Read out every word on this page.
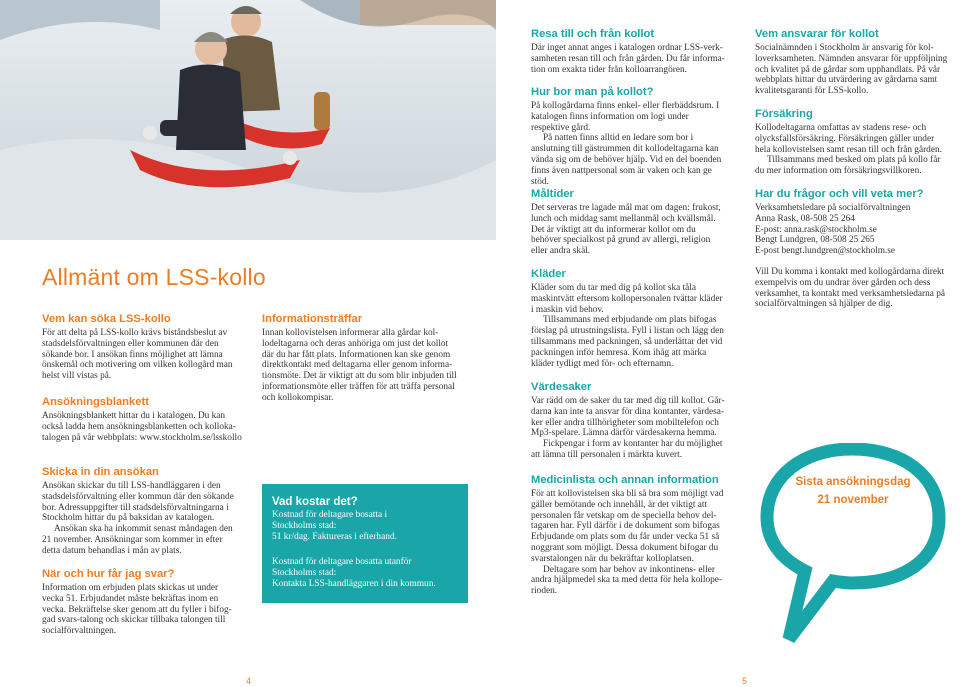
Allmänt om LSS-kollo
Vem kan söka LSS-kollo

För att delta på LSS-kollo krävs biståndsbeslut av stadsdelsförvaltningen eller kommunen där den sökande bor. I ansökan finns möjlighet att lämna önskemål och motivering om vilken kollogård man helst vill vistas på.

Ansökningsblankett

Ansökningsblankett hittar du i katalogen. Du kan också ladda hem ansökningsblanketten och kollokatalogen på vår webbplats: www.stockholm.se/lsskollo

Skicka in din ansökan

Ansökan skickar du till LSS-handläggaren i den stadsdelsförvaltning eller kommun där den sökande bor. Adressuppgifter till stadsdelsförvaltningarna i Stockholm hittar du på baksidan av katalogen.

Ansökan ska ha inkommit senast måndagen den 21 november. Ansökningar som kommer in efter detta datum behandlas i mån av plats.

När och hur får jag svar?

Information om erbjuden plats skickas ut under vecka 51. Erbjudandet måste bekräftas inom en vecka. Bekräftelse sker genom att du fyller i bifoggad svars-talong och skickar tillbaka talongen till socialförvaltningen.

Informationsträffar

Innan kollovistelsen informerar alla gårdar kollodeltagarna och deras anhöriga om just det kollot där du har fått plats. Informationen kan ske genom direktkontakt med deltagarna eller genom informationsmöte. Det är viktigt att du som blir inbjuden till informationsmöte eller träffen för att träffa personal och kollokompisar.

Vad kostar det?

Kostnad för deltagare bosatta i

Stockholms stad:

51 kr/dag. Faktureras i efterhand.

Kostnad för deltagare bosatta utanför

Stockholms stad:

Kontakta LSS-handläggaren i din kommun.

Resa till och från kollot

Där inget annat anges i katalogen ordnar LSS-verksamheten resan till och från gården. Du får information om exakta tider från kolloarrangören.

Hur bor man på kollot?

På kollogårdarna finns enkel- eller flerbäddsrum. I katalogen finns information om logi under respektive gård.

På natten finns alltid en ledare som bor i anslutning till gästrummen dit kollodeltagarna kan vända sig om de behöver hjälp. Vid en del boenden finns även nattpersonal som är vaken och kan ge stöd.

Måltider

Det serveras tre lagade mål mat om dagen: frukost, lunch och middag samt mellanmål och kvällsmål. Det är viktigt att du informerar kollot om du behöver specialkost på grund av allergi, religion eller andra skäl.

Kläder

Kläder som du tar med dig på kollot ska tåla maskintvätt eftersom kollopersonalen tvättar kläder i maskin vid behov.

Tillsammans med erbjudande om plats bifogas förslag på utrustningslista. Fyll i listan och lägg den tillsammans med packningen, så underlättar det vid packningen inför hemresa. Kom ihåg att märka kläder tydligt med för- och efternamn.

Värdesaker

Var rädd om de saker du tar med dig till kollot. Gårdarna kan inte ta ansvar för dina kontanter, värdesaker eller andra tillhörigheter som mobiltelefon och Mp3-spelare. Lämna därför värdesakerna hemma.

Fickpengar i form av kontanter har du möjlighet att lämna till personalen i märkta kuvert.

Medicinlista och annan information

För att kollovistelsen ska bli så bra som möjligt vad gäller bemötande och innehåll, är det viktigt att personalen får vetskap om de speciella behov deltagaren har. Fyll därför i de dokument som bifogas Erbjudande om plats som du får under vecka 51 så noggrant som möjligt. Dessa dokument bifogar du svarstalongen när du bekräftar kolloplatsen.

Deltagare som har behov av inkontinens- eller andra hjälpmedel ska ta med detta för hela kolloperioden.

Vem ansvarar för kollot

Socialnämnden i Stockholm är ansvarig för kolloverksamheten. Nämnden ansvarar för uppföljning och kvalitet på de gårdar som upphandlats. På vår webbplats hittar du utvärdering av gårdarna samt kvalitetsgaranti för LSS-kollo.

Försäkring

Kollodeltagarna omfattas av stadens rese- och olycksfallsförsäkring. Försäkringen gäller under hela kollovistelsen samt resan till och från gården.

Tillsammans med besked om plats på kollo får du mer information om försäkringsvillkoren.

Har du frågor och vill veta mer?

Verksamhetsledare på socialförvaltningen

Anna Rask, 08-508 25 264

E-post: anna.rask@stockholm.se

Bengt Lundgren, 08-508 25 265

E-post bengt.lundgren@stockholm.se

Vill Du komma i kontakt med kollogårdarna direkt exempelvis om du undrar över gården och dess verksamhet, ta kontakt med verksamhetsledarna på socialförvaltningen så hjälper de dig.

Sista ansökningsdag
21 november
4	5
